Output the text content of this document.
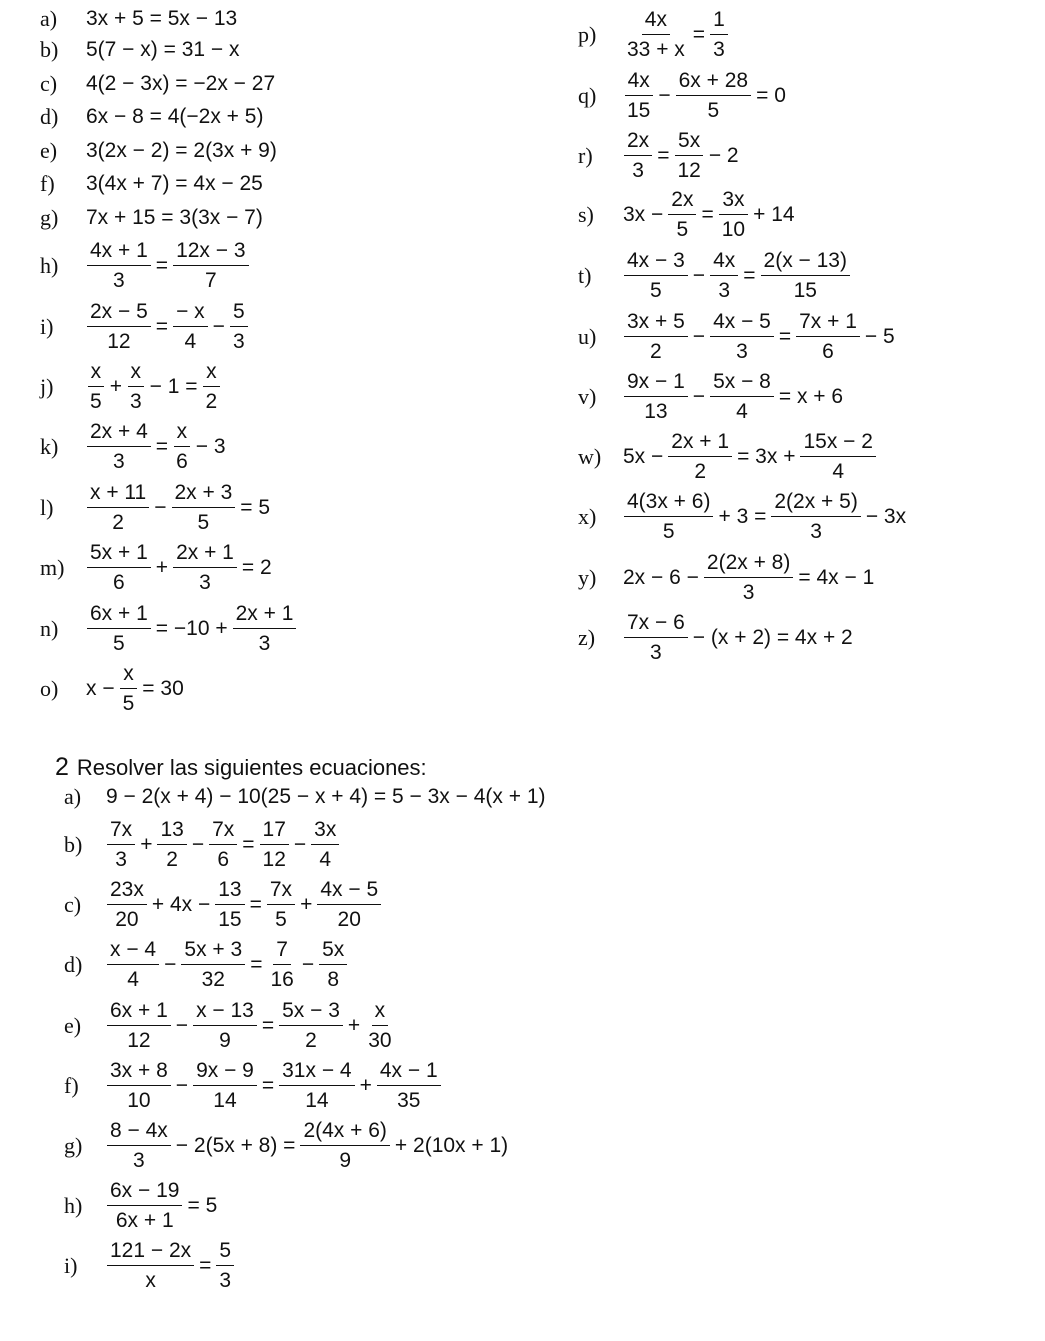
a) 3x + 5 = 5x − 13
b) 5(7 − x) = 31 − x
c) 4(2 − 3x) = −2x − 27
d) 6x − 8 = 4(−2x + 5)
e) 3(2x − 2) = 2(3x + 9)
f) 3(4x + 7) = 4x − 25
g) 7x + 15 = 3(3x − 7)
$h) \frac{4x + 1}{3} = \frac{12x - 3}{7}$
$i) \frac{2x - 5}{12} = \frac{- x}{4} - \frac{5}{3}$
$j) \frac{x}{5} + \frac{x}{3} - 1 = \frac{x}{2}$
$k) \frac{2x + 4}{3} = \frac{x}{6} - 3$
$l) \frac{x + 11}{2} - \frac{2x + 3}{5} = 5$
$m) \frac{5x + 1}{6} + \frac{2x + 1}{3} = 2$
$n) \frac{6x + 1}{5} = -10 + \frac{2x + 1}{3}$
o) $x - \frac{x}{5} = 30$
$p) \frac{4x}{33 + x} = \frac{1}{3}$
$q) \frac{4x}{15} - \frac{6x + 28}{5} = 0$
$r) \frac{2x}{3} = \frac{5x}{12} - 2$
s) $3x - \frac{2x}{5} = \frac{3x}{10} + 14$
$t) \frac{4x - 3}{5} - \frac{4x}{3} = \frac{2(x - 13)}{15}$
$u) \frac{3x + 5}{2} - \frac{4x - 5}{3} = \frac{7x + 1}{6} - 5$
$v) \frac{9x - 1}{13} - \frac{5x - 8}{4} = x + 6$
w) $5x - \frac{2x + 1}{2} = 3x + \frac{15x - 2}{4}$
$x) \frac{4(3x + 6)}{5} + 3 = \frac{2(2x + 5)}{3} - 3x$
y) $2x - 6 - \frac{2(2x + 8)}{3} = 4x - 1$
$z) \frac{7x - 6}{3} - (x + 2) = 4x + 2$
2 Resolver las siguientes ecuaciones:
a) 9 − 2(x + 4) − 10(25 − x + 4) = 5 − 3x − 4(x + 1)
$b) \frac{7x}{3} + \frac{13}{2} - \frac{7x}{6} = \frac{17}{12} - \frac{3x}{4}$
$c) \frac{23x}{20} + 4x - \frac{13}{15} = \frac{7x}{5} + \frac{4x - 5}{20}$
$d) \frac{x - 4}{4} - \frac{5x + 3}{32} = \frac{7}{16} - \frac{5x}{8}$
$e) \frac{6x + 1}{12} - \frac{x - 13}{9} = \frac{5x - 3}{2} + \frac{x}{30}$
$f) \frac{3x + 8}{10} - \frac{9x - 9}{14} = \frac{31x - 4}{14} + \frac{4x - 1}{35}$
$g) \frac{8 - 4x}{3} - 2(5x + 8) = \frac{2(4x + 6)}{9} + 2(10x + 1)$
$h) \frac{6x - 19}{6x + 1} = 5$
$i) \frac{121 - 2x}{x} = \frac{5}{3}$
